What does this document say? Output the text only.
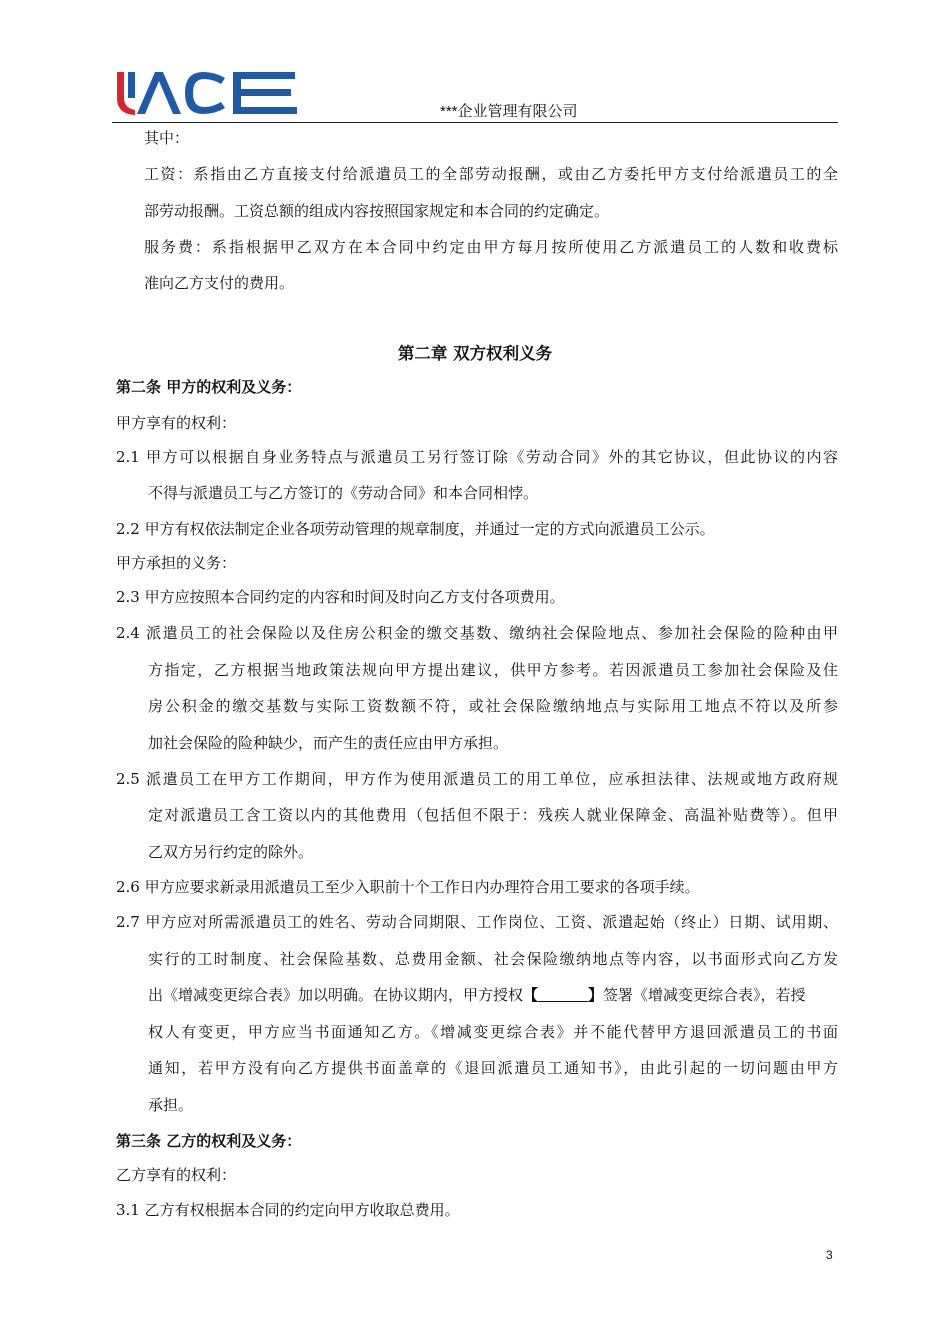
***企业管理有限公司
其中：
工资：系指由乙方直接支付给派遣员工的全部劳动报酬，或由乙方委托甲方支付给派遣员工的全
部劳动报酬。工资总额的组成内容按照国家规定和本合同的约定确定。
服务费：系指根据甲乙双方在本合同中约定由甲方每月按所使用乙方派遣员工的人数和收费标
准向乙方支付的费用。
第二章 双方权利义务
第二条 甲方的权利及义务：
甲方享有的权利：
2.1 甲方可以根据自身业务特点与派遣员工另行签订除《劳动合同》外的其它协议，但此协议的内容
不得与派遣员工与乙方签订的《劳动合同》和本合同相悖。
2.2 甲方有权依法制定企业各项劳动管理的规章制度，并通过一定的方式向派遣员工公示。
甲方承担的义务：
2.3 甲方应按照本合同约定的内容和时间及时向乙方支付各项费用。
2.4 派遣员工的社会保险以及住房公积金的缴交基数、缴纳社会保险地点、参加社会保险的险种由甲
方指定，乙方根据当地政策法规向甲方提出建议，供甲方参考。若因派遣员工参加社会保险及住
房公积金的缴交基数与实际工资数额不符，或社会保险缴纳地点与实际用工地点不符以及所参
加社会保险的险种缺少，而产生的责任应由甲方承担。
2.5 派遣员工在甲方工作期间，甲方作为使用派遣员工的用工单位，应承担法律、法规或地方政府规
定对派遣员工含工资以内的其他费用（包括但不限于：残疾人就业保障金、高温补贴费等）。但甲
乙双方另行约定的除外。
2.6 甲方应要求新录用派遣员工至少入职前十个工作日内办理符合用工要求的各项手续。
2.7 甲方应对所需派遣员工的姓名、劳动合同期限、工作岗位、工资、派遣起始（终止）日期、试用期、
实行的工时制度、社会保险基数、总费用金额、社会保险缴纳地点等内容，以书面形式向乙方发
出《增减变更综合表》加以明确。在协议期内，甲方授权【	】签署《增减变更综合表》，若授
权人有变更，甲方应当书面通知乙方。《增减变更综合表》并不能代替甲方退回派遣员工的书面
通知，若甲方没有向乙方提供书面盖章的《退回派遣员工通知书》，由此引起的一切问题由甲方
承担。
第三条 乙方的权利及义务：
乙方享有的权利：
3.1 乙方有权根据本合同的约定向甲方收取总费用。
3
